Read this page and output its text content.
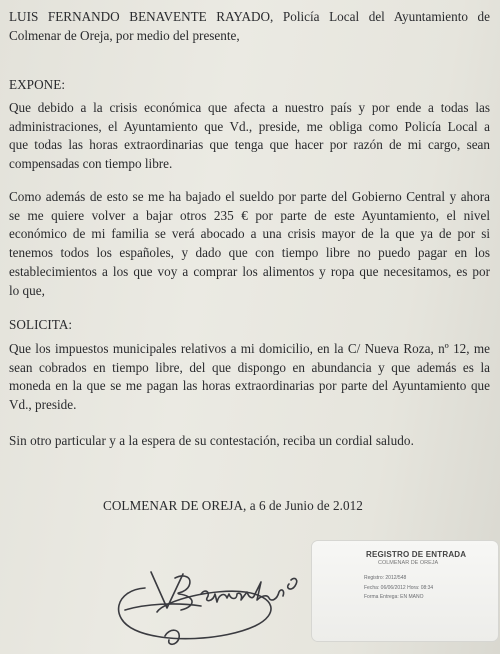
LUIS FERNANDO BENAVENTE RAYADO, Policía Local del Ayuntamiento de
Colmenar de Oreja, por medio del presente,
EXPONE:
Que debido a la crisis económica que afecta a nuestro país y por ende a todas las
administraciones, el Ayuntamiento que Vd., preside, me obliga como Policía Local a
que todas las horas extraordinarias que tenga que hacer por razón de mi cargo, sean
compensadas con tiempo libre.
Como además de esto se me ha bajado el sueldo por parte del Gobierno Central y ahora
se me quiere volver a bajar otros 235 € por parte de este Ayuntamiento, el nivel
económico de mi familia se verá abocado a una crisis mayor de la que ya de por si
tenemos todos los españoles, y dado que con tiempo libre no puedo pagar en los
establecimientos a los que voy a comprar los alimentos y ropa que necesitamos, es por
lo que,
SOLICITA:
Que los impuestos municipales relativos a mi domicilio, en la C/ Nueva Roza, nº 12, me
sean cobrados en tiempo libre, del que dispongo en abundancia y que además es la
moneda en la que se me pagan las horas extraordinarias por parte del Ayuntamiento que
Vd., preside.
Sin otro particular y a la espera de su contestación, reciba un cordial saludo.
COLMENAR DE OREJA, a 6 de Junio de 2.012
REGISTRO DE ENTRADA
COLMENAR DE OREJA
Registro: 2012/548
Fecha: 06/06/2012 Hora: 08:34
Forma Entrega: EN MANO
